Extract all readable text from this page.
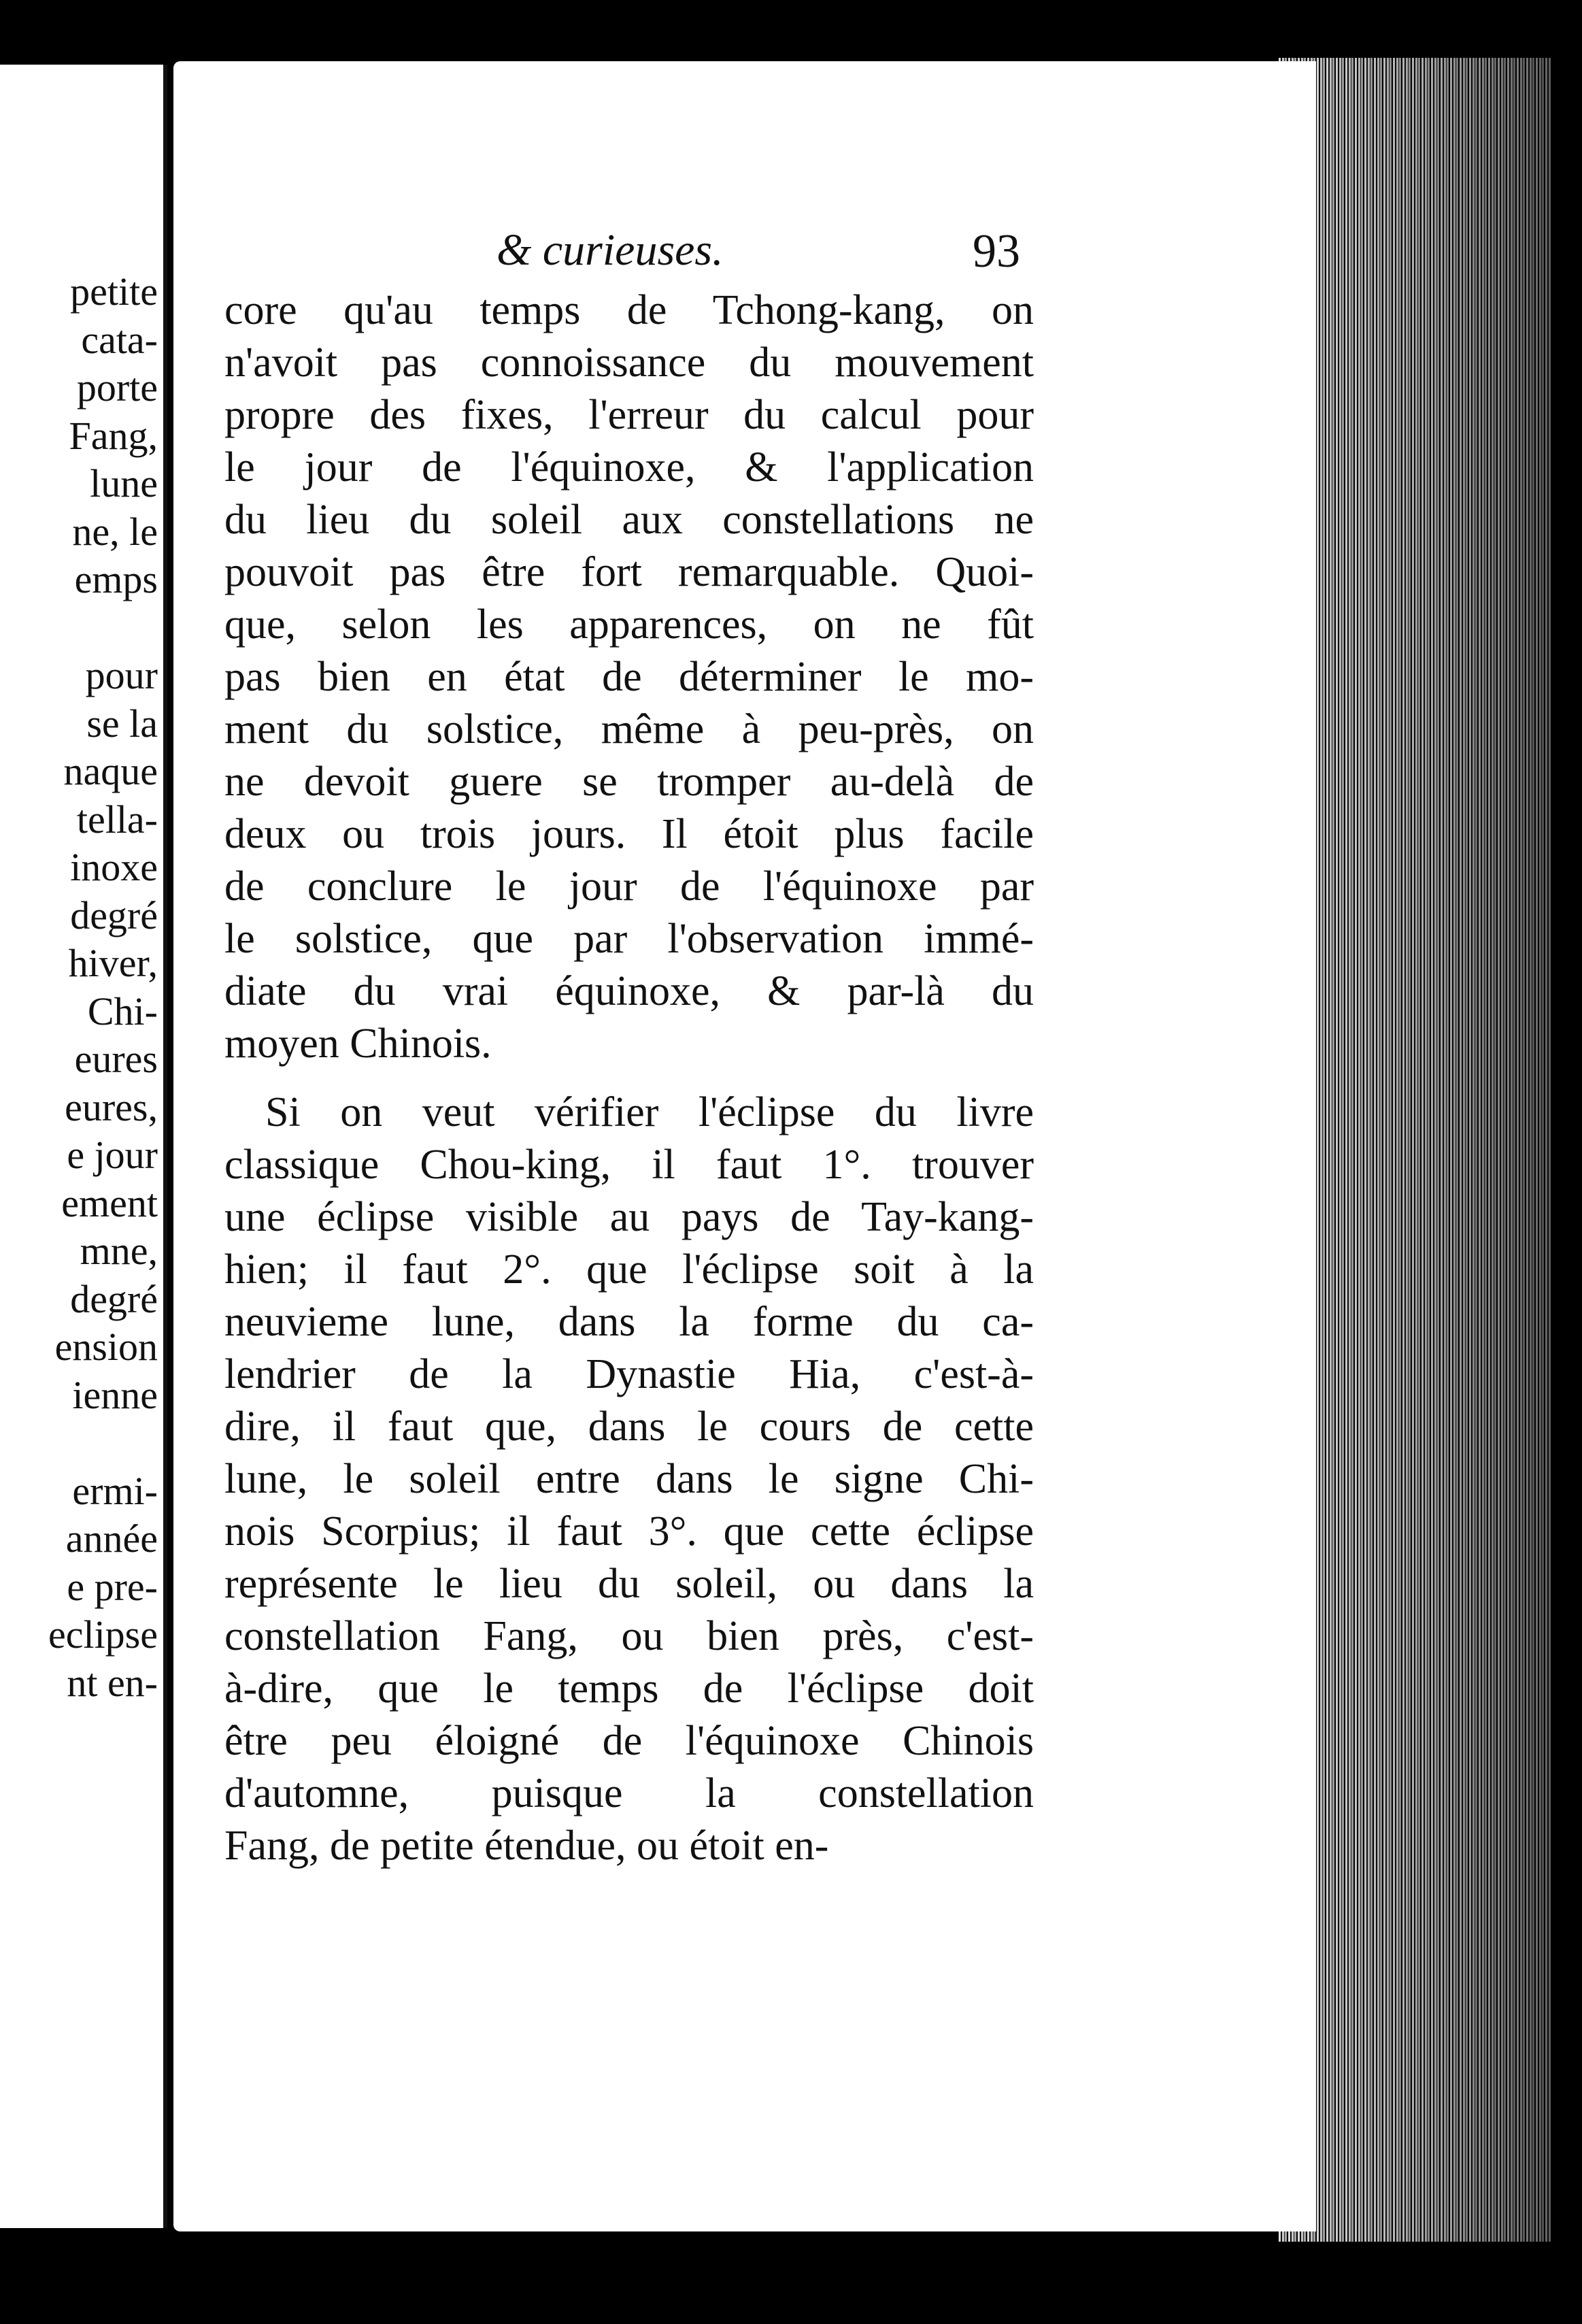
petite
cata-
porte
Fang,
lune
ne, le
emps
pour
se la
naque
tella-
inoxe
degré
hiver,
Chi-
eures
eures,
e jour
ement
mne,
degré
ension
ienne
ermi-
année
e pre-
eclipse
nt en-
& curieuses.	93
core qu'au temps de Tchong-kang, on
n'avoit pas connoissance du mouvement
propre des fixes, l'erreur du calcul pour
le jour de l'équinoxe, & l'application
du lieu du soleil aux constellations ne
pouvoit pas être fort remarquable. Quoi-
que, selon les apparences, on ne fût
pas bien en état de déterminer le mo-
ment du solstice, même à peu-près, on
ne devoit guere se tromper au-delà de
deux ou trois jours. Il étoit plus facile
de conclure le jour de l'équinoxe par
le solstice, que par l'observation immé-
diate du vrai équinoxe, & par-là du
moyen Chinois.
Si on veut vérifier l'éclipse du livre
classique Chou-king, il faut 1°. trouver
une éclipse visible au pays de Tay-kang-
hien; il faut 2°. que l'éclipse soit à la
neuvieme lune, dans la forme du ca-
lendrier de la Dynastie Hia, c'est-à-
dire, il faut que, dans le cours de cette
lune, le soleil entre dans le signe Chi-
nois Scorpius; il faut 3°. que cette éclipse
représente le lieu du soleil, ou dans la
constellation Fang, ou bien près, c'est-
à-dire, que le temps de l'éclipse doit
être peu éloigné de l'équinoxe Chinois
d'automne, puisque la constellation
Fang, de petite étendue, ou étoit en-
